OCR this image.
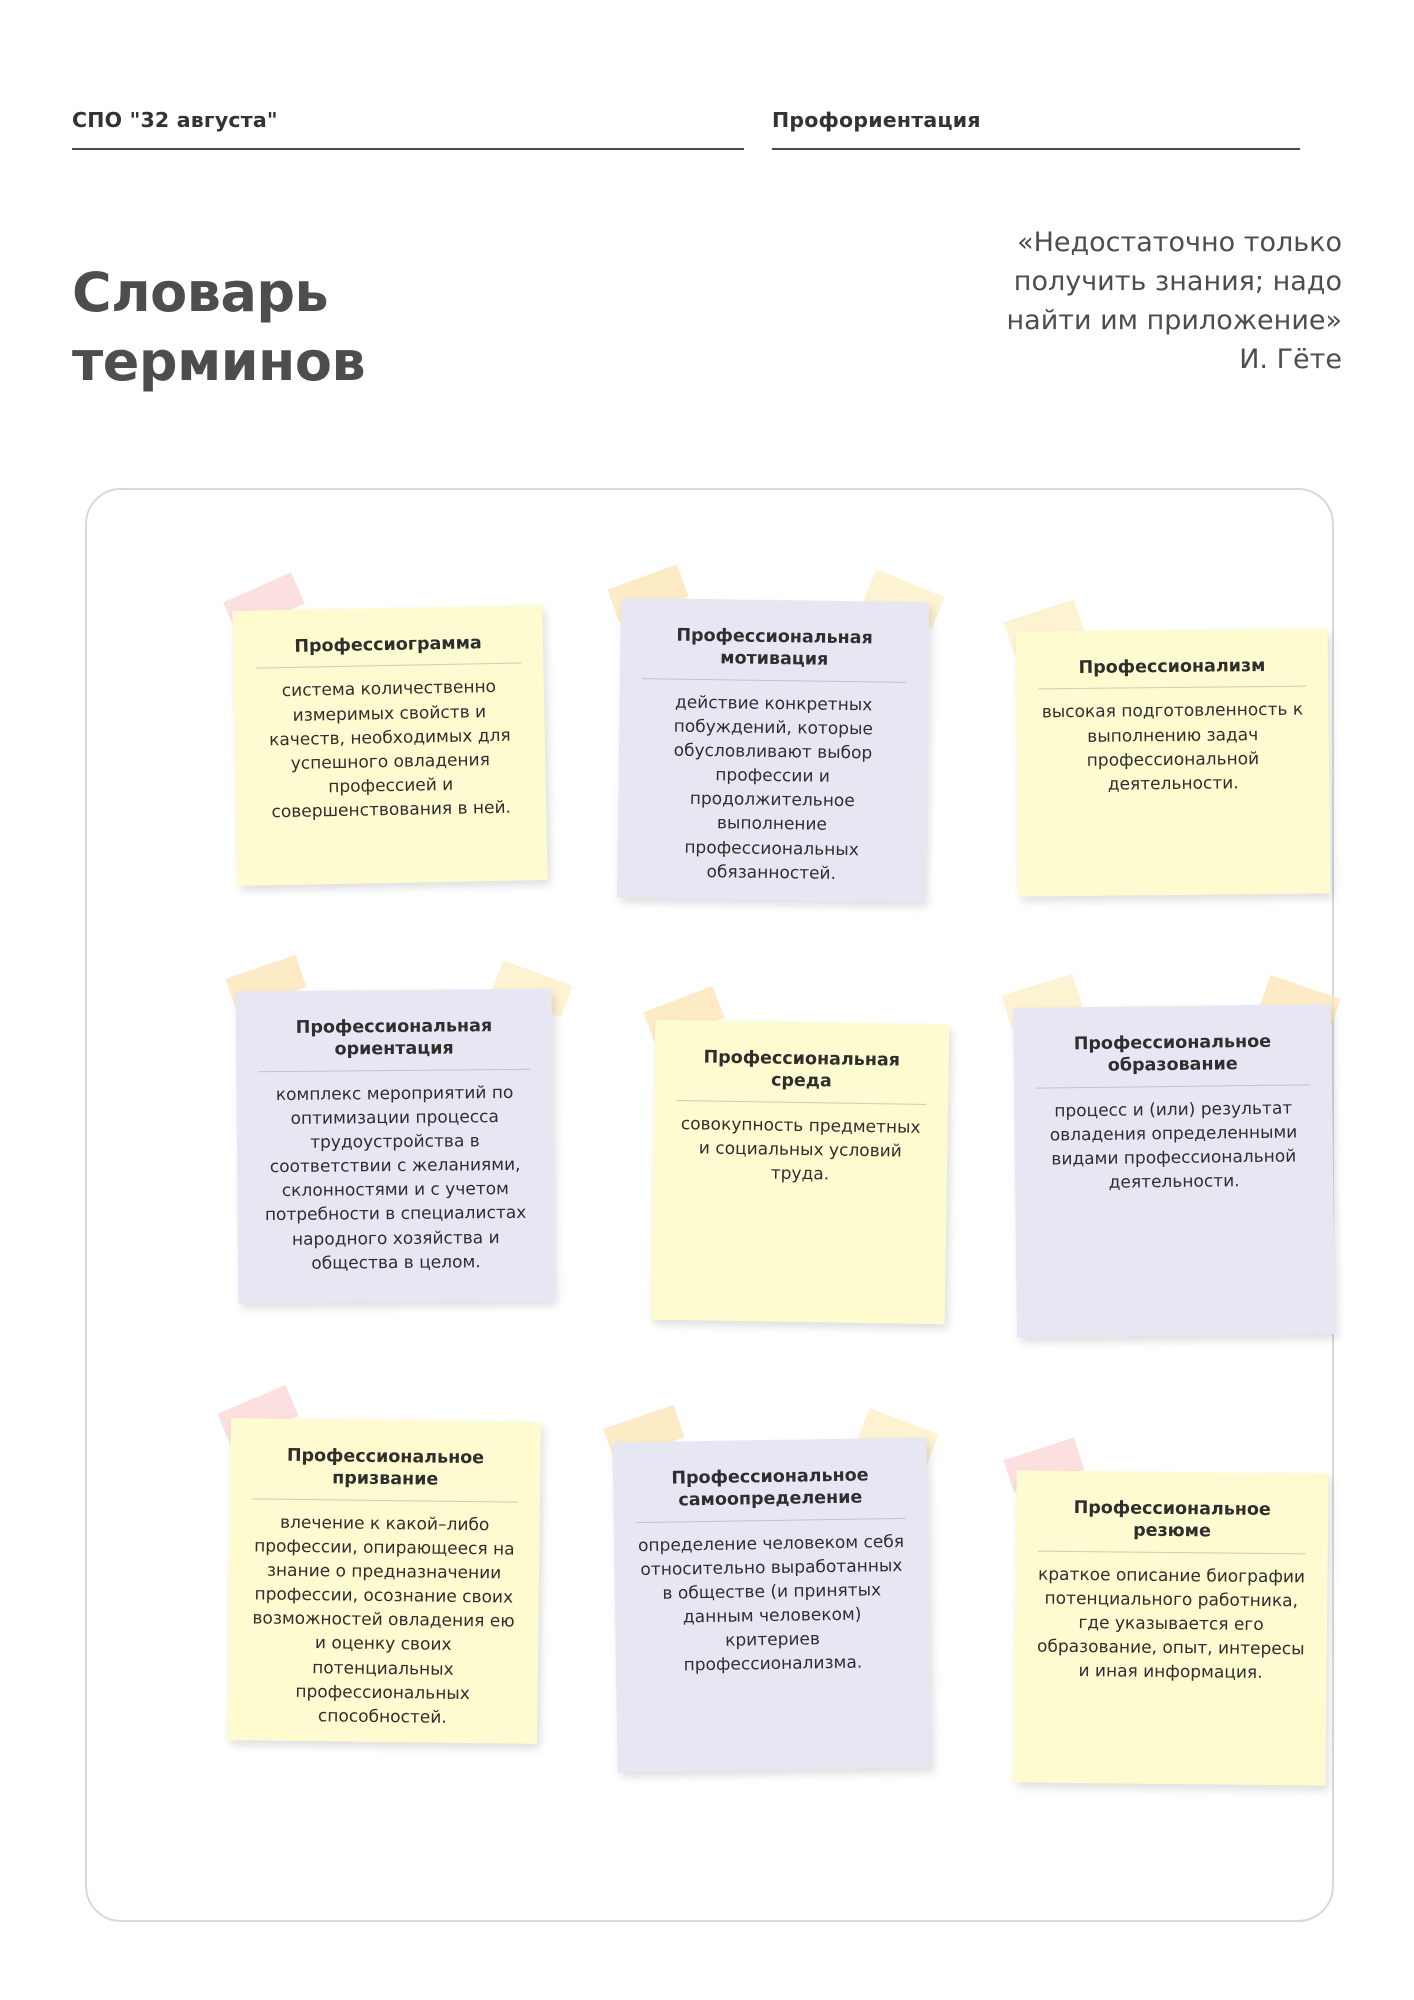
СПО "32 августа"	Профориентация
Словарь терминов
«Недостаточно только получить знания; надо найти им приложение»
И. Гёте
Профессиограмма
система количественно измеримых свойств и качеств, необходимых для успешного овладения профессией и совершенствования в ней.
Профессиональная мотивация
действие конкретных побуждений, которые обусловливают выбор профессии и продолжительное выполнение профессиональных обязанностей.
Профессионализм
высокая подготовленность к выполнению задач профессиональной деятельности.
Профессиональная ориентация
комплекс мероприятий по оптимизации процесса трудоустройства в соответствии с желаниями, склонностями и с учетом потребности в специалистах народного хозяйства и общества в целом.
Профессиональная среда
совокупность предметных и социальных условий труда.
Профессиональное образование
процесс и (или) результат овладения определенными видами профессиональной деятельности.
Профессиональное призвание
влечение к какой–либо профессии, опирающееся на знание о предназначении профессии, осознание своих возможностей овладения ею и оценку своих потенциальных профессиональных способностей.
Профессиональное самоопределение
определение человеком себя относительно выработанных в обществе (и принятых данным человеком) критериев профессионализма.
Профессиональное резюме
краткое описание биографии потенциального работника, где указывается его образование, опыт, интересы и иная информация.
